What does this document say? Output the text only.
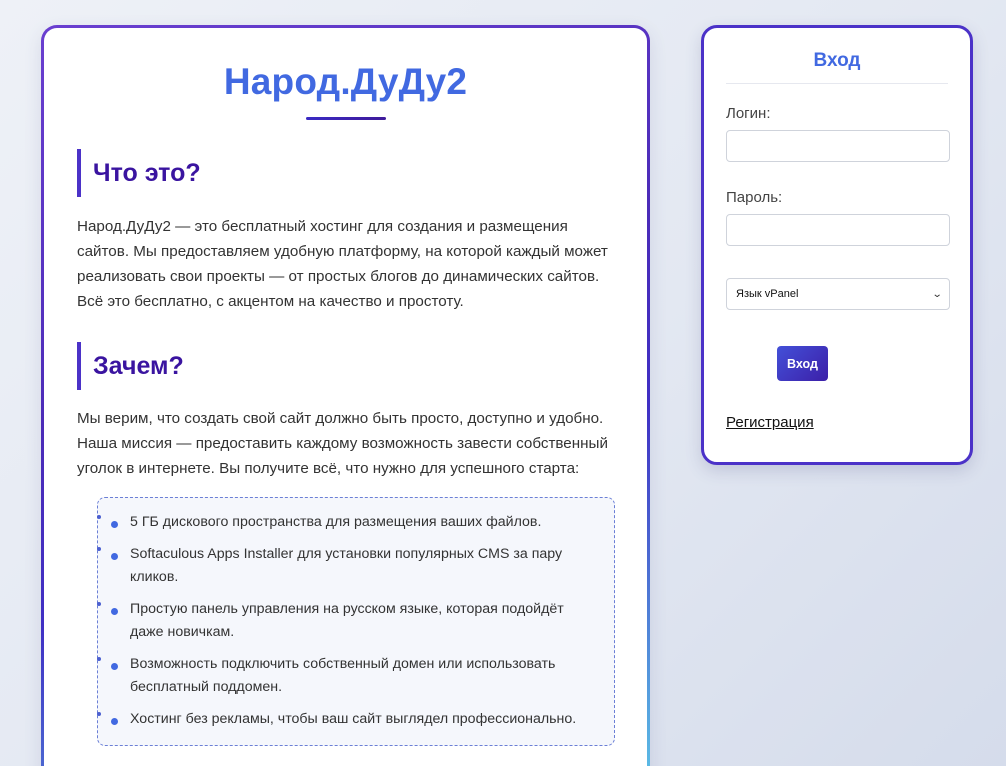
Народ.ДуДу2
Что это?

Народ.ДуДу2 — это бесплатный хостинг для создания и размещения сайтов. Мы предоставляем удобную платформу, на которой каждый может реализовать свои проекты — от простых блогов до динамических сайтов. Всё это бесплатно, с акцентом на качество и простоту.

Зачем?

Мы верим, что создать свой сайт должно быть просто, доступно и удобно. Наша миссия — предоставить каждому возможность завести собственный уголок в интернете. Вы получите всё, что нужно для успешного старта:

5 ГБ дискового пространства для размещения ваших файлов.
Softaculous Apps Installer для установки популярных CMS за пару кликов.
Простую панель управления на русском языке, которая подойдёт даже новичкам.
Возможность подключить собственный домен или использовать бесплатный поддомен.
Хостинг без рекламы, чтобы ваш сайт выглядел профессионально.
Вход
Логин:
Пароль:
Язык vPanel	⌄
Вход
Регистрация
